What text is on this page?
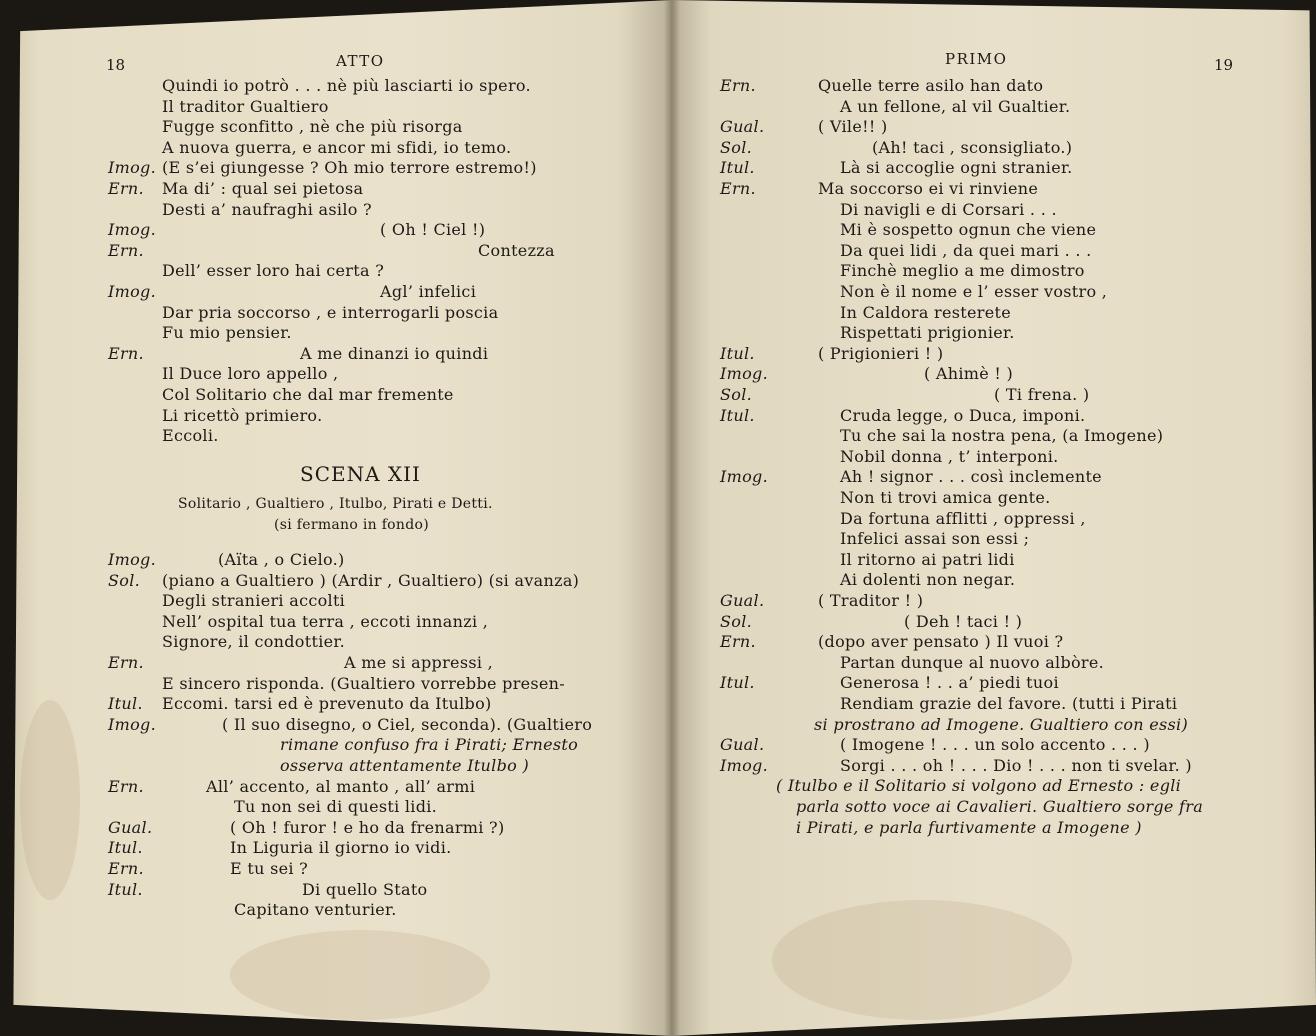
18	ATTO	PRIMO	19
Quindi io potrò . . . nè più lasciarti io spero.
Il traditor Gualtiero
Fugge sconfitto , nè che più risorga
A nuova guerra, e ancor mi sfidi, io temo.
Imog. (E s’ei giungesse ? Oh mio terrore estremo!)
Ern. Ma di’ : qual sei pietosa
Desti a’ naufraghi asilo ?
Imog.	( Oh ! Ciel !)
Ern.	Contezza
Dell’ esser loro hai certa ?
Imog.	Agl’ infelici
Dar pria soccorso , e interrogarli poscia
Fu mio pensier.
Ern.	A me dinanzi io quindi
Il Duce loro appello ,
Col Solitario che dal mar fremente
Li ricettò primiero.
Eccoli.
SCENA XII
Solitario , Gualtiero , Itulbo, Pirati e Detti.
(si fermano in fondo)
Imog.	(Aïta , o Cielo.)
Sol. (piano a Gualtiero ) (Ardir , Gualtiero) (si avanza)
Degli stranieri accolti
Nell’ ospital tua terra , eccoti innanzi ,
Signore, il condottier.
Ern.	A me si appressi ,
E sincero risponda. (Gualtiero vorrebbe presen-
Itul. Eccomi. tarsi ed è prevenuto da Itulbo)
Imog.	( Il suo disegno, o Ciel, seconda). (Gualtiero
rimane confuso fra i Pirati; Ernesto
osserva attentamente Itulbo )
Ern.	All’ accento, al manto , all’ armi
Tu non sei di questi lidi.
Gual.	( Oh ! furor ! e ho da frenarmi ?)
Itul.	In Liguria il giorno io vidi.
Ern.	E tu sei ?
Itul.	Di quello Stato
Capitano venturier.
Ern.	Quelle terre asilo han dato
A un fellone, al vil Gualtier.
Gual.	( Vile!! )
Sol.	(Ah! taci , sconsigliato.)
Itul.	Là si accoglie ogni stranier.
Ern.	Ma soccorso ei vi rinviene
Di navigli e di Corsari . . .
Mi è sospetto ognun che viene
Da quei lidi , da quei mari . . .
Finchè meglio a me dimostro
Non è il nome e l’ esser vostro ,
In Caldora resterete
Rispettati prigionier.
Itul.	( Prigionieri ! )
Imog.	( Ahimè ! )
Sol.	( Ti frena. )
Itul.	Cruda legge, o Duca, imponi.
Tu che sai la nostra pena, (a Imogene)
Nobil donna , t’ interponi.
Imog.	Ah ! signor . . . così inclemente
Non ti trovi amica gente.
Da fortuna afflitti , oppressi ,
Infelici assai son essi ;
Il ritorno ai patri lidi
Ai dolenti non negar.
Gual.	( Traditor ! )
Sol.	( Deh ! taci ! )
Ern.	(dopo aver pensato ) Il vuoi ?
Partan dunque al nuovo albòre.
Itul.	Generosa ! . . a’ piedi tuoi
Rendiam grazie del favore. (tutti i Pirati
si prostrano ad Imogene. Gualtiero con essi)
Gual.	( Imogene ! . . . un solo accento . . . )
Imog.	Sorgi . . . oh ! . . . Dio ! . . . non ti svelar. )
( Itulbo e il Solitario si volgono ad Ernesto : egli
parla sotto voce ai Cavalieri. Gualtiero sorge fra
i Pirati, e parla furtivamente a Imogene )
